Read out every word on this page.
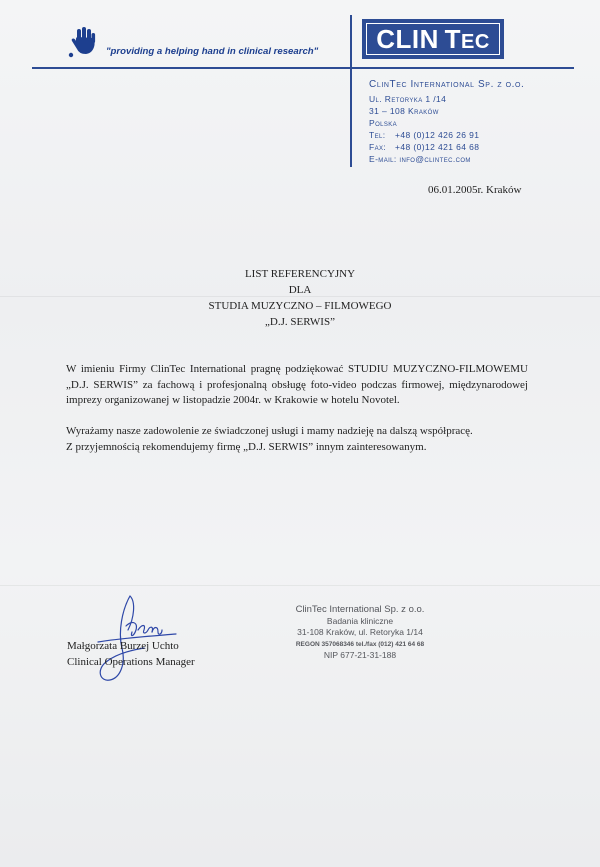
"providing a helping hand in clinical research" CLIN  TEC
ClinTec International Sp. z o.o.
Ul. Retoryka 1 /14
31 – 108 Kraków
Polska
Tel: +48 (0)12 426 26 91
Fax: +48 (0)12 421 64 68
E-mail: info@clintec.com
06.01.2005r. Kraków
LIST REFERENCYJNY
DLA
STUDIA MUZYCZNO – FILMOWEGO
„D.J. SERWIS”
W imieniu Firmy ClinTec International pragnę podziękować STUDIU MUZYCZNO-FILMOWEMU „D.J. SERWIS” za fachową i profesjonalną obsługę foto-video podczas firmowej, międzynarodowej imprezy organizowanej w listopadzie 2004r. w Krakowie w hotelu Novotel.
Wyrażamy nasze zadowolenie ze świadczonej usługi i mamy nadzieję na dalszą współpracę.
Z przyjemnością rekomendujemy firmę „D.J. SERWIS” innym zainteresowanym.
Małgorzata Burzej Uchto
Clinical Operations Manager
ClinTec International Sp. z o.o.
Badania kliniczne
31-108 Kraków, ul. Retoryka 1/14
REGON 357068346 tel./fax (012) 421 64 68
NIP 677-21-31-188
